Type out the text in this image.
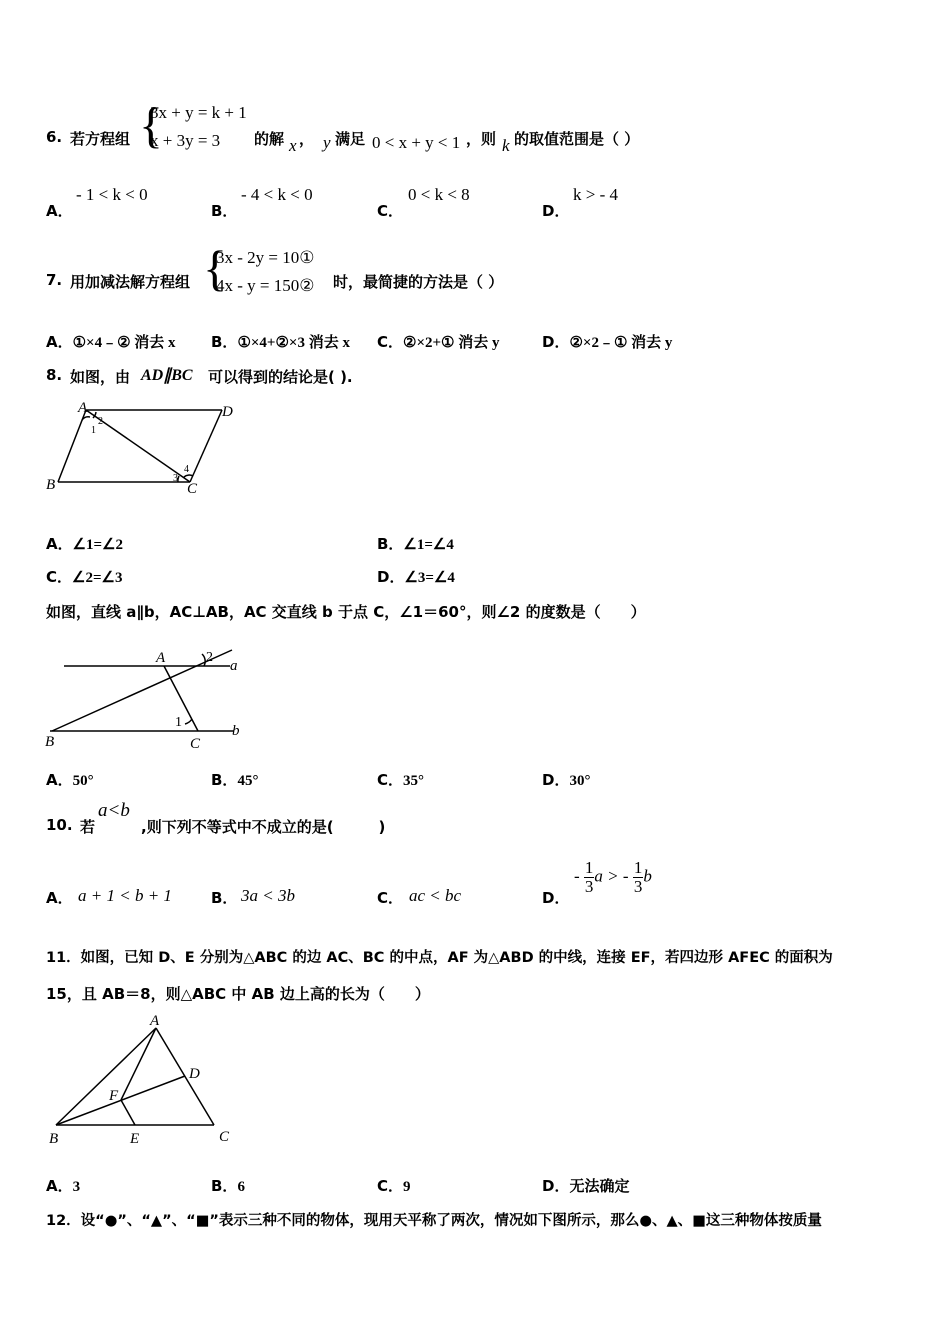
6. 若方程组 {
3x + y = k + 1
x + 3y = 3 的解 x ， y 满足 0 < x + y < 1 ，则 k 的取值范围是（ ）
A．
- 1 < k < 0
B．
- 4 < k < 0
C．
0 < k < 8
D．
k > - 4
7. 用加减法解方程组 {
3x - 2y = 10①
4x - y = 150② 时，最简捷的方法是（ ）
A．①×4﹣② 消去 x B．①×4+②×3 消去 x C．②×2+① 消去 y	D．②×2﹣① 消去 y
8. 如图，由 AD∥BC 可以得到的结论是( ).
A	D
B	C
1
2
3
4
A．∠1=∠2	B．∠1=∠4
C．∠2=∠3	D．∠3=∠4
如图，直线 a∥b，AC⊥AB，AC 交直线 b 于点 C，∠1＝60°，则∠2 的度数是（　　）
A	2
a
1
b
B	C
A．50°	B．45°	C．35°	D．30°
10. 若
a<b
,则下列不等式中不成立的是(　　　)
A． a + 1 < b + 1	B． 3a < 3b	C． ac < bc	D．
- $\frac{1}{3}$ a > - $\frac{1}{3}$ b
11．如图，已知 D、E 分别为△ABC 的边 AC、BC 的中点，AF 为△ABD 的中线，连接 EF，若四边形 AFEC 的面积为
15，且 AB＝8，则△ABC 中 AB 边上高的长为（　　）
A
D
F
B	E	C
A．3	B．6	C．9	D．无法确定
12．设“●”、“▲”、“■”表示三种不同的物体，现用天平称了两次，情况如下图所示，那么●、▲、■这三种物体按质量
